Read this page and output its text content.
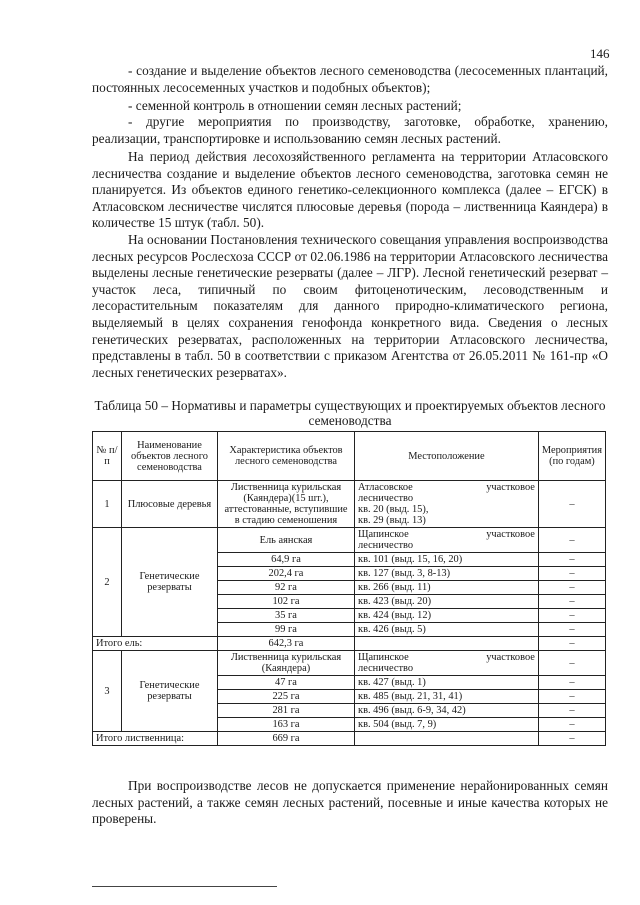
146
- создание и выделение объектов лесного семеноводства (лесосеменных плантаций, постоянных лесосеменных участков и подобных объектов);
- семенной контроль в отношении семян лесных растений;
- другие мероприятия по производству, заготовке, обработке, хранению, реализации, транспортировке и использованию семян лесных растений.
На период действия лесохозяйственного регламента на территории Атласовского лесничества создание и выделение объектов лесного семеноводства, заготовка семян не планируется. Из объектов единого генетико-селекционного комплекса (далее – ЕГСК) в Атласовском лесничестве числятся плюсовые деревья (порода – лиственница Каяндера) в количестве 15 штук (табл. 50).
На основании Постановления технического совещания управления воспроизводства лесных ресурсов Рослесхоза СССР от 02.06.1986 на территории Атласовского лесничества выделены лесные генетические резерваты (далее – ЛГР). Лесной генетический резерват – участок леса, типичный по своим фитоценотическим, лесоводственным и лесорастительным показателям для данного природно-климатического региона, выделяемый в целях сохранения генофонда конкретного вида. Сведения о лесных генетических резерватах, расположенных на территории Атласовского лесничества, представлены в табл. 50 в соответствии с приказом Агентства от 26.05.2011 № 161-пр «О лесных генетических резерватах».
Таблица 50 – Нормативы и параметры существующих и проектируемых объектов лесного семеноводства
№ п/п	Наименование объектов лесного семеноводства	Характеристика объектов лесного семеноводства	Местоположение	Мероприятия (по годам)
1	Плюсовые деревья	Лиственница курильская (Каяндера)(15 шт.), аттестованные, вступившие в стадию семеношения	Атласовское участковое
лесничество
кв. 20 (выд. 15),
кв. 29 (выд. 13)	–
2	Генетические резерваты	Ель аянская	Щапинское участковое
лесничество	–
		64,9 га	кв. 101 (выд. 15, 16, 20)	–
		202,4 га	кв. 127 (выд. 3, 8-13)	–
		92 га	кв. 266 (выд. 11)	–
		102 га	кв. 423 (выд. 20)	–
		35 га	кв. 424 (выд. 12)	–
		99 га	кв. 426 (выд. 5)	–
Итого ель:		642,3 га		–
3	Генетические резерваты	Лиственница курильская (Каяндера)	Щапинское участковое
лесничество	–
		47 га	кв. 427 (выд. 1)	–
		225 га	кв. 485 (выд. 21, 31, 41)	–
		281 га	кв. 496 (выд. 6-9, 34, 42)	–
		163 га	кв. 504 (выд. 7, 9)	–
Итого лиственница:		669 га		–
При воспроизводстве лесов не допускается применение нерайонированных семян лесных растений, а также семян лесных растений, посевные и иные качества которых не проверены.
